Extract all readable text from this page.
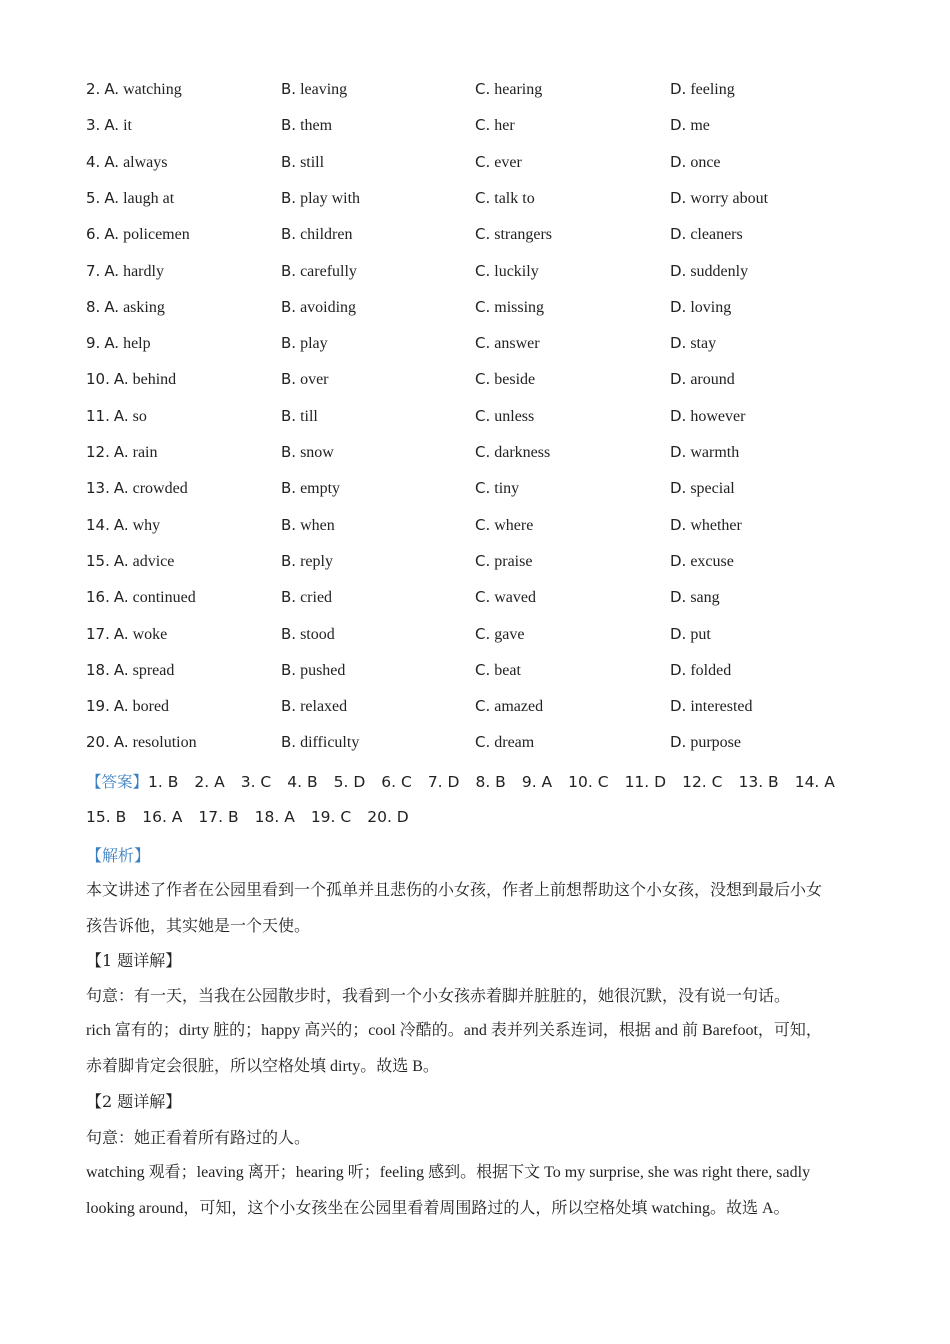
2. A. watching	B. leaving	C. hearing	D. feeling
3. A. it	B. them	C. her	D. me
4. A. always	B. still	C. ever	D. once
5. A. laugh at	B. play with	C. talk to	D. worry about
6. A. policemen	B. children	C. strangers	D. cleaners
7. A. hardly	B. carefully	C. luckily	D. suddenly
8. A. asking	B. avoiding	C. missing	D. loving
9. A. help	B. play	C. answer	D. stay
10. A. behind	B. over	C. beside	D. around
11. A. so	B. till	C. unless	D. however
12. A. rain	B. snow	C. darkness	D. warmth
13. A. crowded	B. empty	C. tiny	D. special
14. A. why	B. when	C. where	D. whether
15. A. advice	B. reply	C. praise	D. excuse
16. A. continued	B. cried	C. waved	D. sang
17. A. woke	B. stood	C. gave	D. put
18. A. spread	B. pushed	C. beat	D. folded
19. A. bored	B. relaxed	C. amazed	D. interested
20. A. resolution	B. difficulty	C. dream	D. purpose
【答案】1. B 2. A 3. C 4. B 5. D 6. C 7. D 8. B 9. A 10. C 11. D 12. C 13. B 14. A
15. B 16. A 17. B 18. A 19. C 20. D
【解析】
本文讲述了作者在公园里看到一个孤单并且悲伤的小女孩，作者上前想帮助这个小女孩，没想到最后小女
孩告诉他，其实她是一个天使。
【1 题详解】
句意：有一天，当我在公园散步时，我看到一个小女孩赤着脚并脏脏的，她很沉默，没有说一句话。
rich 富有的；dirty 脏的；happy 高兴的；cool 冷酷的。and 表并列关系连词，根据 and 前 Barefoot，可知，
赤着脚肯定会很脏，所以空格处填 dirty。故选 B。
【2 题详解】
句意：她正看着所有路过的人。
watching 观看；leaving 离开；hearing 听；feeling 感到。根据下文 To my surprise, she was right there, sadly
looking around，可知，这个小女孩坐在公园里看着周围路过的人，所以空格处填 watching。故选 A。
